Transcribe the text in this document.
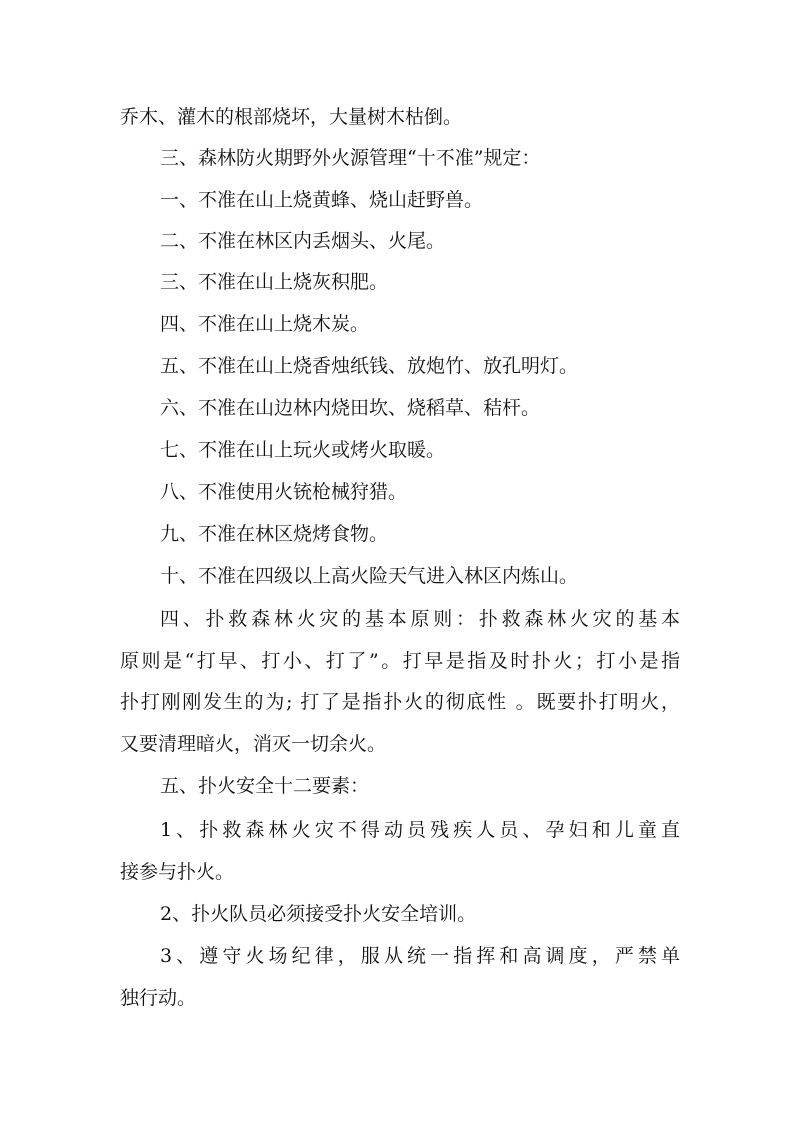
乔木、灌木的根部烧坏，大量树木枯倒。
三、森林防火期野外火源管理“十不准”规定：
一、不准在山上烧黄蜂、烧山赶野兽。
二、不准在林区内丢烟头、火尾。
三、不准在山上烧灰积肥。
四、不准在山上烧木炭。
五、不准在山上烧香烛纸钱、放炮竹、放孔明灯。
六、不准在山边林内烧田坎、烧稻草、秸杆。
七、不准在山上玩火或烤火取暖。
八、不准使用火铳枪械狩猎。
九、不准在林区烧烤食物。
十、不准在四级以上高火险天气进入林区内炼山。
四、扑救森林火灾的基本原则：扑救森林火灾的基本
原则是“打早、打小、打了”。打早是指及时扑火；打小是指
扑打刚刚发生的为; 打了是指扑火的彻底性 。既要扑打明火，
又要清理暗火，消灭一切余火。
五、扑火安全十二要素：
1、扑救森林火灾不得动员残疾人员、孕妇和儿童直
接参与扑火。
2、扑火队员必须接受扑火安全培训。
3、遵守火场纪律，服从统一指挥和高调度，严禁单
独行动。
